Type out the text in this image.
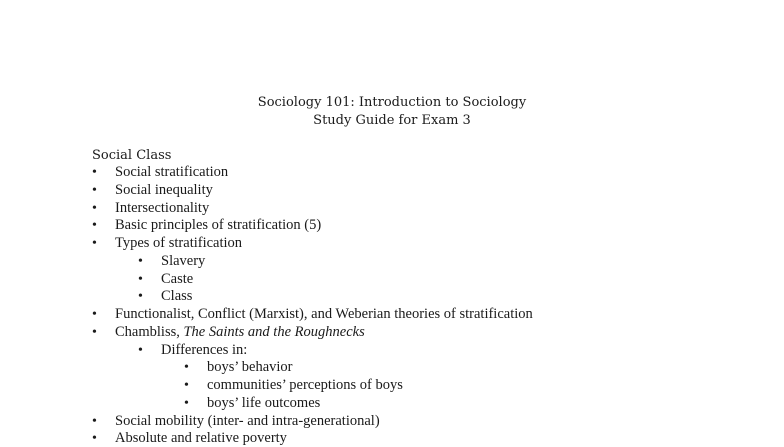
Sociology 101: Introduction to Sociology
Study Guide for Exam 3
Social Class
• Social stratification
• Social inequality
• Intersectionality
• Basic principles of stratification (5)
• Types of stratification
• Slavery
• Caste
• Class
• Functionalist, Conflict (Marxist), and Weberian theories of stratification
• Chambliss, The Saints and the Roughnecks
• Differences in:
• boys’ behavior
• communities’ perceptions of boys
• boys’ life outcomes
• Social mobility (inter- and intra-generational)
• Absolute and relative poverty
